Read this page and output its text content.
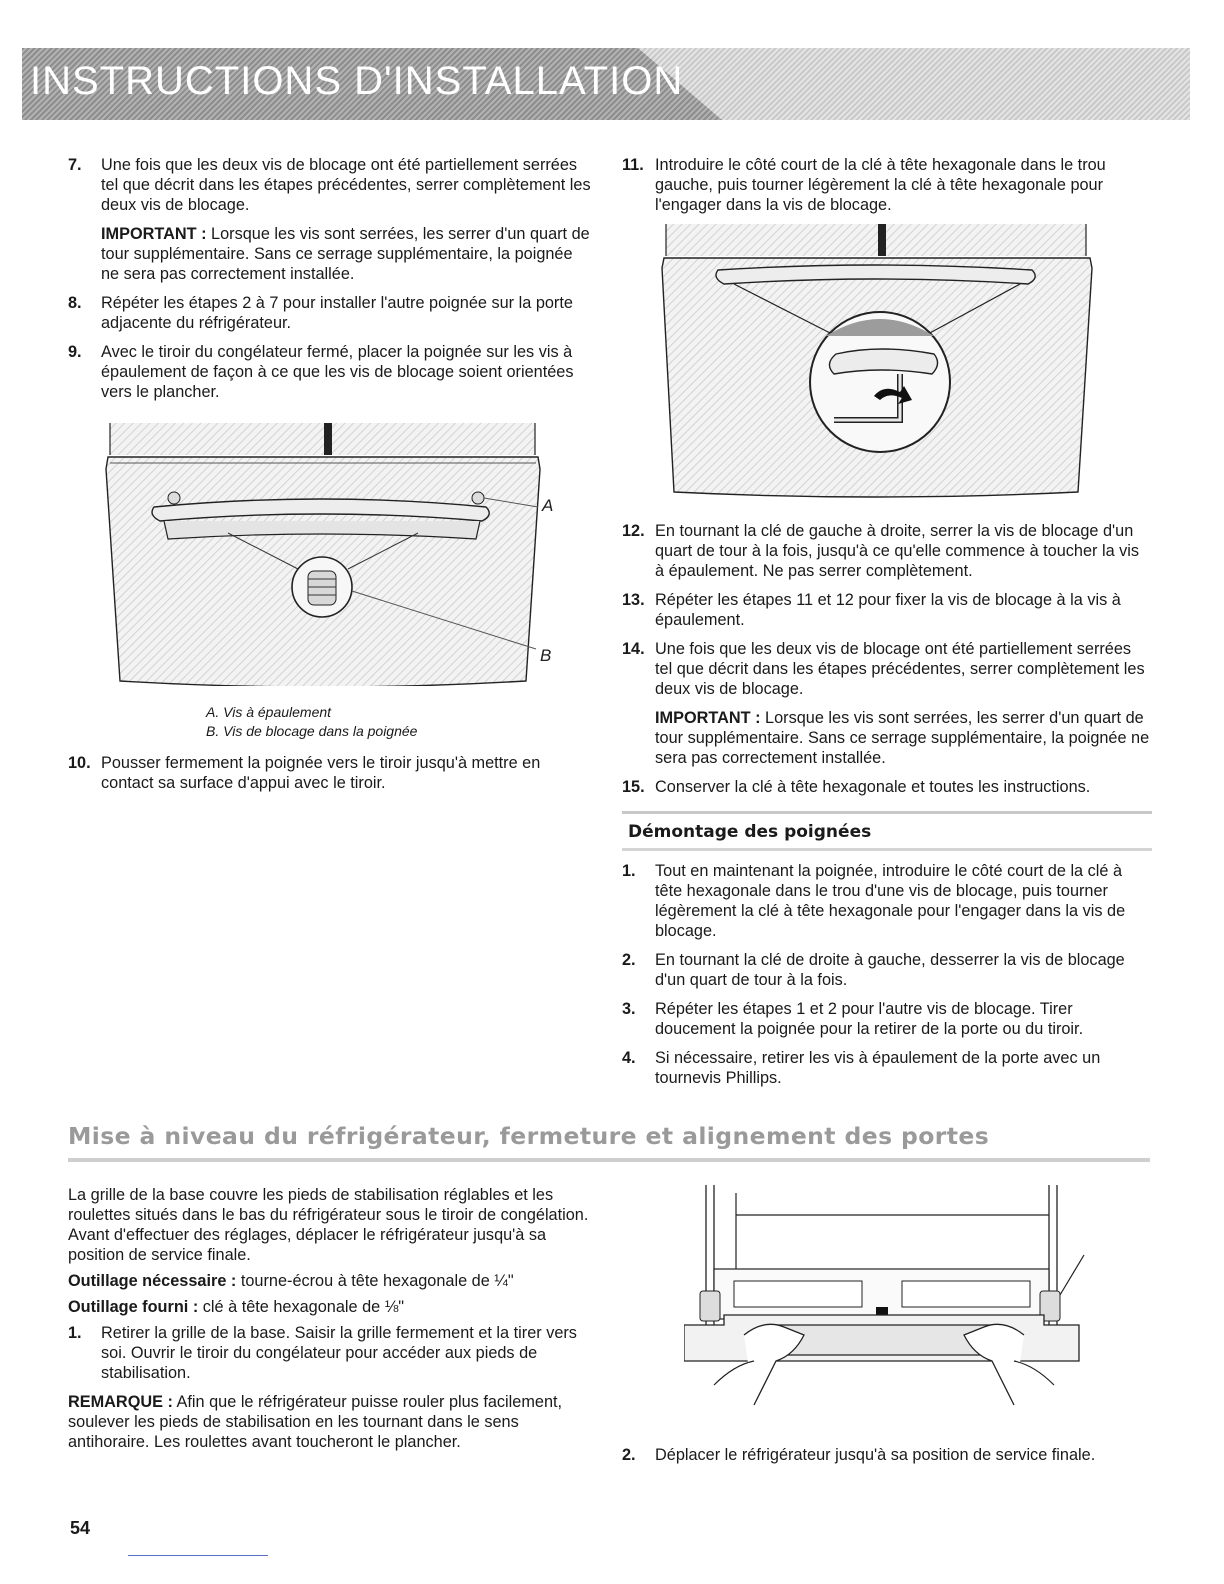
INSTRUCTIONS D'INSTALLATION
7. Une fois que les deux vis de blocage ont été partiellement serrées tel que décrit dans les étapes précédentes, serrer complètement les deux vis de blocage.

IMPORTANT : Lorsque les vis sont serrées, les serrer d'un quart de tour supplémentaire. Sans ce serrage supplémentaire, la poignée ne sera pas correctement installée.

8. Répéter les étapes 2 à 7 pour installer l'autre poignée sur la porte adjacente du réfrigérateur.
9. Avec le tiroir du congélateur fermé, placer la poignée sur les vis à épaulement de façon à ce que les vis de blocage soient orientées vers le plancher.
A
B

A. Vis à épaulement
B. Vis de blocage dans la poignée

10. Pousser fermement la poignée vers le tiroir jusqu'à mettre en contact sa surface d'appui avec le tiroir.
11. Introduire le côté court de la clé à tête hexagonale dans le trou gauche, puis tourner légèrement la clé à tête hexagonale pour l'engager dans la vis de blocage.
12. En tournant la clé de gauche à droite, serrer la vis de blocage d'un quart de tour à la fois, jusqu'à ce qu'elle commence à toucher la vis à épaulement. Ne pas serrer complètement.
13. Répéter les étapes 11 et 12 pour fixer la vis de blocage à la vis à épaulement.
14. Une fois que les deux vis de blocage ont été partiellement serrées tel que décrit dans les étapes précédentes, serrer complètement les deux vis de blocage.

IMPORTANT : Lorsque les vis sont serrées, les serrer d'un quart de tour supplémentaire. Sans ce serrage supplémentaire, la poignée ne sera pas correctement installée.

15. Conserver la clé à tête hexagonale et toutes les instructions.
Démontage des poignées
1. Tout en maintenant la poignée, introduire le côté court de la clé à tête hexagonale dans le trou d'une vis de blocage, puis tourner légèrement la clé à tête hexagonale pour l'engager dans la vis de blocage.
2. En tournant la clé de droite à gauche, desserrer la vis de blocage d'un quart de tour à la fois.
3. Répéter les étapes 1 et 2 pour l'autre vis de blocage. Tirer doucement la poignée pour la retirer de la porte ou du tiroir.
4. Si nécessaire, retirer les vis à épaulement de la porte avec un tournevis Phillips.
Mise à niveau du réfrigérateur, fermeture et alignement des portes

La grille de la base couvre les pieds de stabilisation réglables et les roulettes situés dans le bas du réfrigérateur sous le tiroir de congélation. Avant d'effectuer des réglages, déplacer le réfrigérateur jusqu'à sa position de service finale.

Outillage nécessaire : tourne-écrou à tête hexagonale de ¼"

Outillage fourni : clé à tête hexagonale de ⅛"

1. Retirer la grille de la base. Saisir la grille fermement et la tirer vers soi. Ouvrir le tiroir du congélateur pour accéder aux pieds de stabilisation.

REMARQUE : Afin que le réfrigérateur puisse rouler plus facilement, soulever les pieds de stabilisation en les tournant dans le sens antihoraire. Les roulettes avant toucheront le plancher.

2. Déplacer le réfrigérateur jusqu'à sa position de service finale.

54
